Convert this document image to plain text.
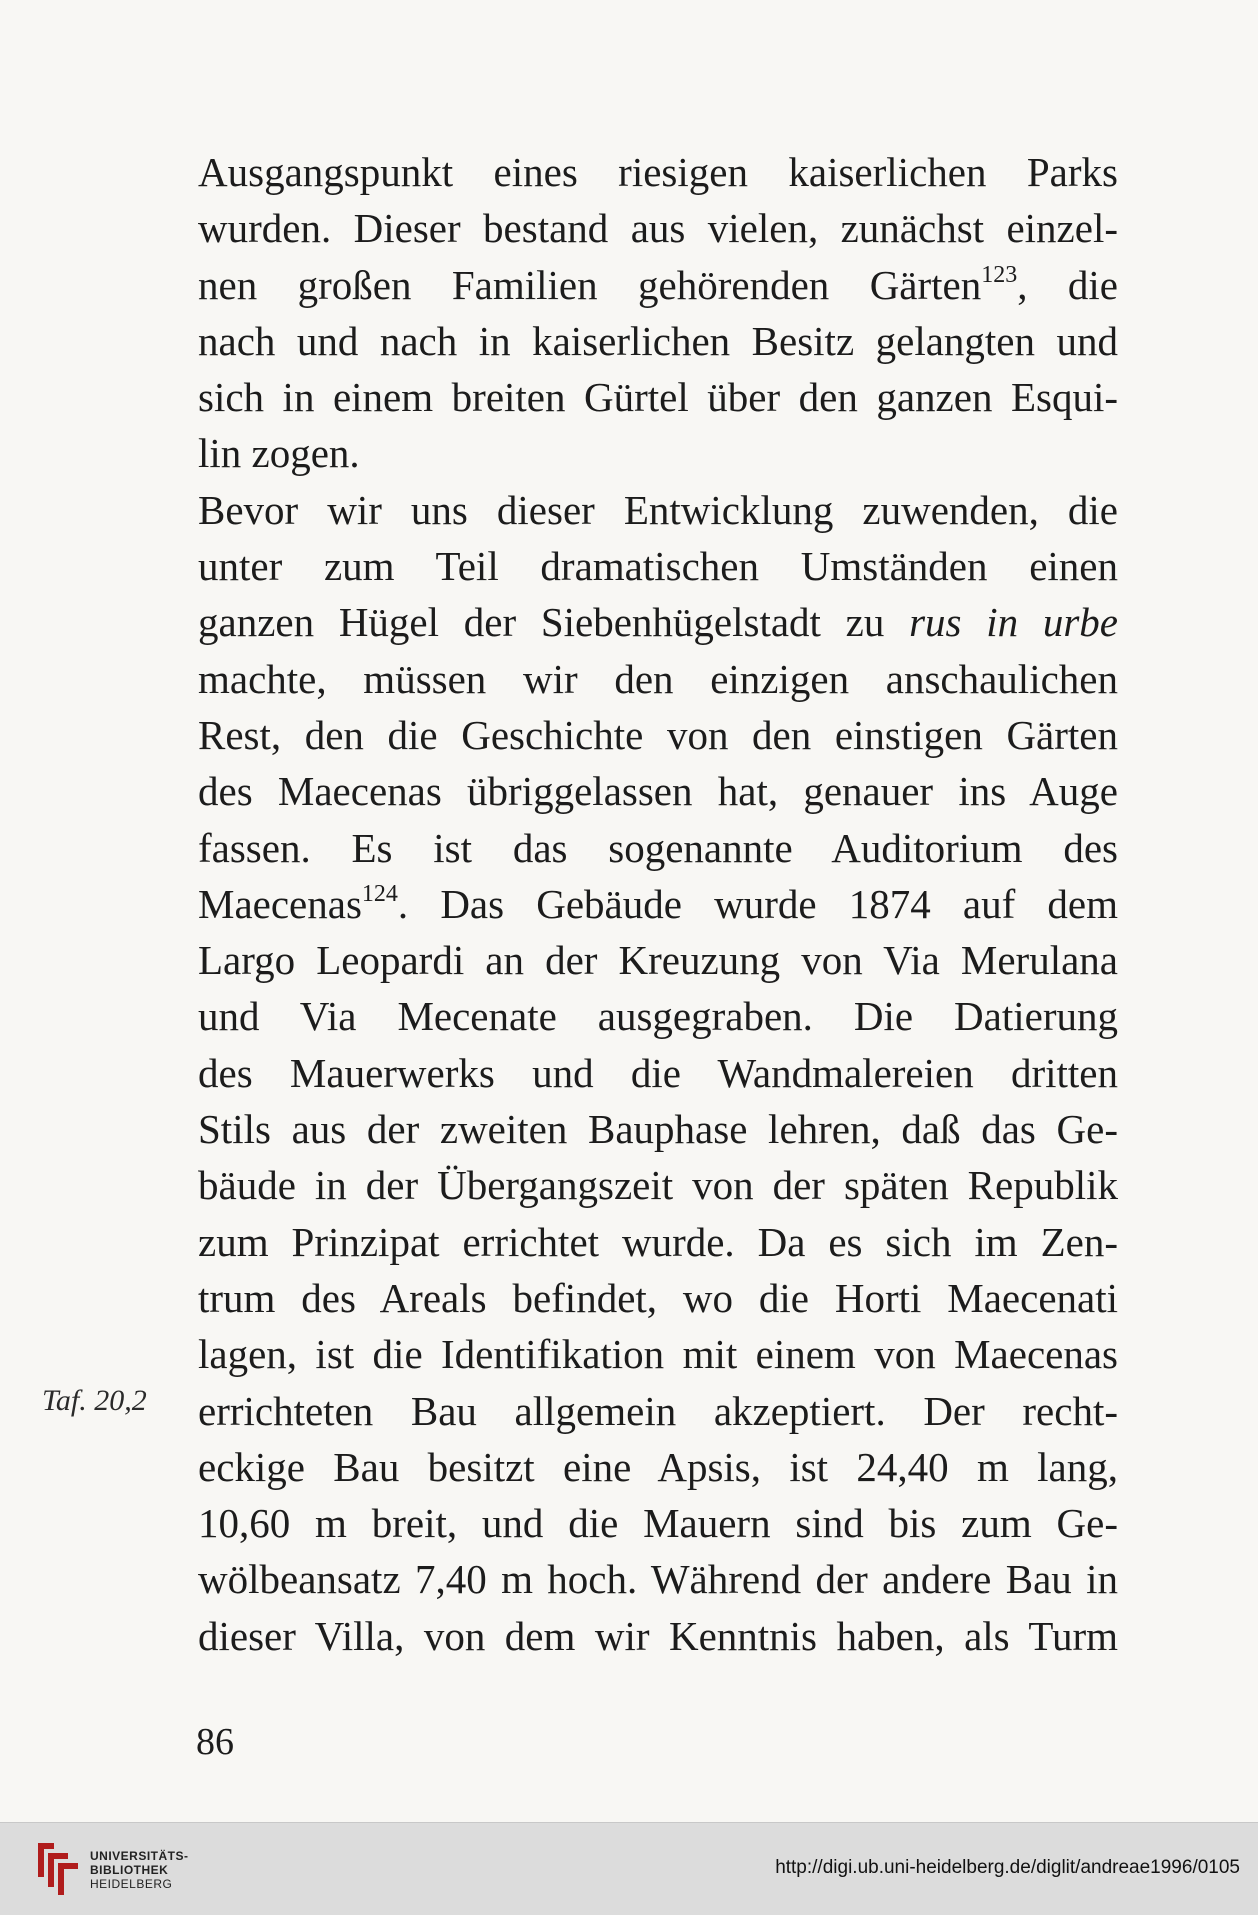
Ausgangspunkt eines riesigen kaiserlichen Parks
wurden. Dieser bestand aus vielen, zunächst einzel-
nen großen Familien gehörenden Gärten$^{123}$, die
nach und nach in kaiserlichen Besitz gelangten und
sich in einem breiten Gürtel über den ganzen Esqui-
lin zogen.
Bevor wir uns dieser Entwicklung zuwenden, die
unter zum Teil dramatischen Umständen einen
ganzen Hügel der Siebenhügelstadt zu rus in urbe
machte, müssen wir den einzigen anschaulichen
Rest, den die Geschichte von den einstigen Gärten
des Maecenas übriggelassen hat, genauer ins Auge
fassen. Es ist das sogenannte Auditorium des
Maecenas$^{124}$. Das Gebäude wurde 1874 auf dem
Largo Leopardi an der Kreuzung von Via Merulana
und Via Mecenate ausgegraben. Die Datierung
des Mauerwerks und die Wandmalereien dritten
Stils aus der zweiten Bauphase lehren, daß das Ge-
bäude in der Übergangszeit von der späten Republik
zum Prinzipat errichtet wurde. Da es sich im Zen-
trum des Areals befindet, wo die Horti Maecenati
lagen, ist die Identifikation mit einem von Maecenas
errichteten Bau allgemein akzeptiert. Der recht-
eckige Bau besitzt eine Apsis, ist 24,40 m lang,
10,60 m breit, und die Mauern sind bis zum Ge-
wölbeansatz 7,40 m hoch. Während der andere Bau in
dieser Villa, von dem wir Kenntnis haben, als Turm
Taf. 20,2
86
UNIVERSITÄTS-
BIBLIOTHEK
HEIDELBERG
http://digi.ub.uni-heidelberg.de/diglit/andreae1996/0105
